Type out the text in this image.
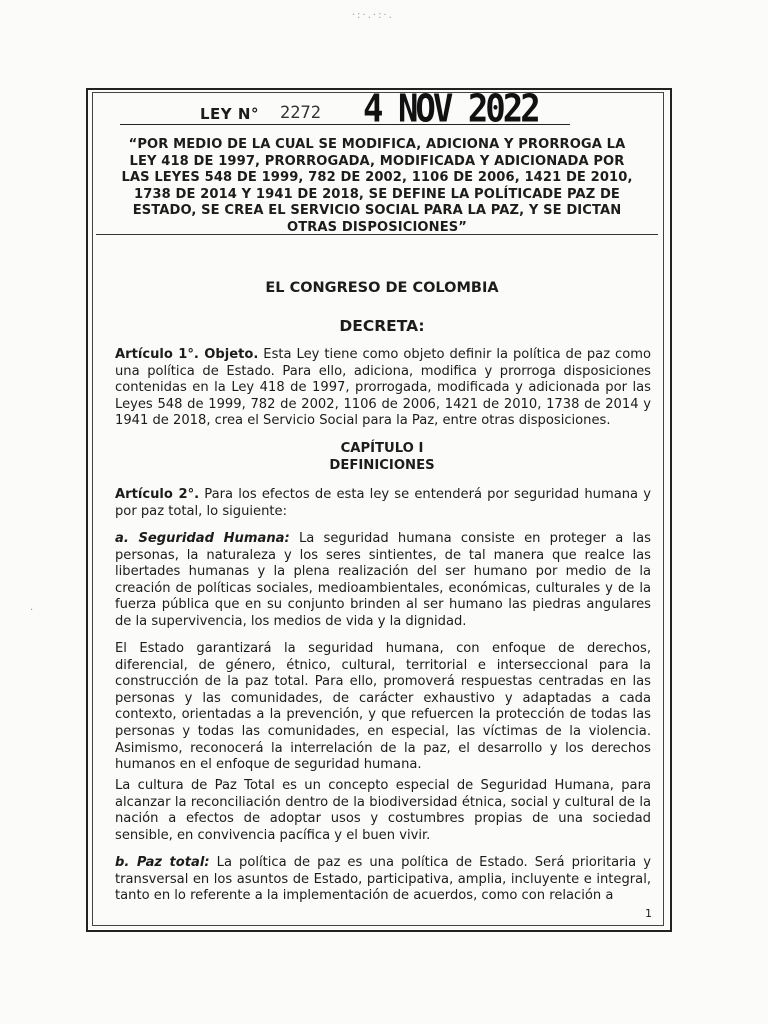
LEY N° 2272 4 NOV 2022
“POR MEDIO DE LA CUAL SE MODIFICA, ADICIONA Y PRORROGA LA
LEY 418 DE 1997, PRORROGADA, MODIFICADA Y ADICIONADA POR
LAS LEYES 548 DE 1999, 782 DE 2002, 1106 DE 2006, 1421 DE 2010,
1738 DE 2014 Y 1941 DE 2018, SE DEFINE LA POLÍTICADE PAZ DE
ESTADO, SE CREA EL SERVICIO SOCIAL PARA LA PAZ, Y SE DICTAN
OTRAS DISPOSICIONES”
EL CONGRESO DE COLOMBIA
DECRETA:
Artículo 1°. Objeto. Esta Ley tiene como objeto definir la política de paz como una política de Estado. Para ello, adiciona, modifica y prorroga disposiciones contenidas en la Ley 418 de 1997, prorrogada, modificada y adicionada por las Leyes 548 de 1999, 782 de 2002, 1106 de 2006, 1421 de 2010, 1738 de 2014 y 1941 de 2018, crea el Servicio Social para la Paz, entre otras disposiciones.
CAPÍTULO I
DEFINICIONES
Artículo 2°. Para los efectos de esta ley se entenderá por seguridad humana y por paz total, lo siguiente:
a. Seguridad Humana: La seguridad humana consiste en proteger a las personas, la naturaleza y los seres sintientes, de tal manera que realce las libertades humanas y la plena realización del ser humano por medio de la creación de políticas sociales, medioambientales, económicas, culturales y de la fuerza pública que en su conjunto brinden al ser humano las piedras angulares de la supervivencia, los medios de vida y la dignidad.
El Estado garantizará la seguridad humana, con enfoque de derechos, diferencial, de género, étnico, cultural, territorial e interseccional para la construcción de la paz total. Para ello, promoverá respuestas centradas en las personas y las comunidades, de carácter exhaustivo y adaptadas a cada contexto, orientadas a la prevención, y que refuercen la protección de todas las personas y todas las comunidades, en especial, las víctimas de la violencia. Asimismo, reconocerá la interrelación de la paz, el desarrollo y los derechos humanos en el enfoque de seguridad humana.
La cultura de Paz Total es un concepto especial de Seguridad Humana, para alcanzar la reconciliación dentro de la biodiversidad étnica, social y cultural de la nación a efectos de adoptar usos y costumbres propias de una sociedad sensible, en convivencia pacífica y el buen vivir.
b. Paz total: La política de paz es una política de Estado. Será prioritaria y transversal en los asuntos de Estado, participativa, amplia, incluyente e integral, tanto en lo referente a la implementación de acuerdos, como con relación a
1
·:·.·:·.
·
